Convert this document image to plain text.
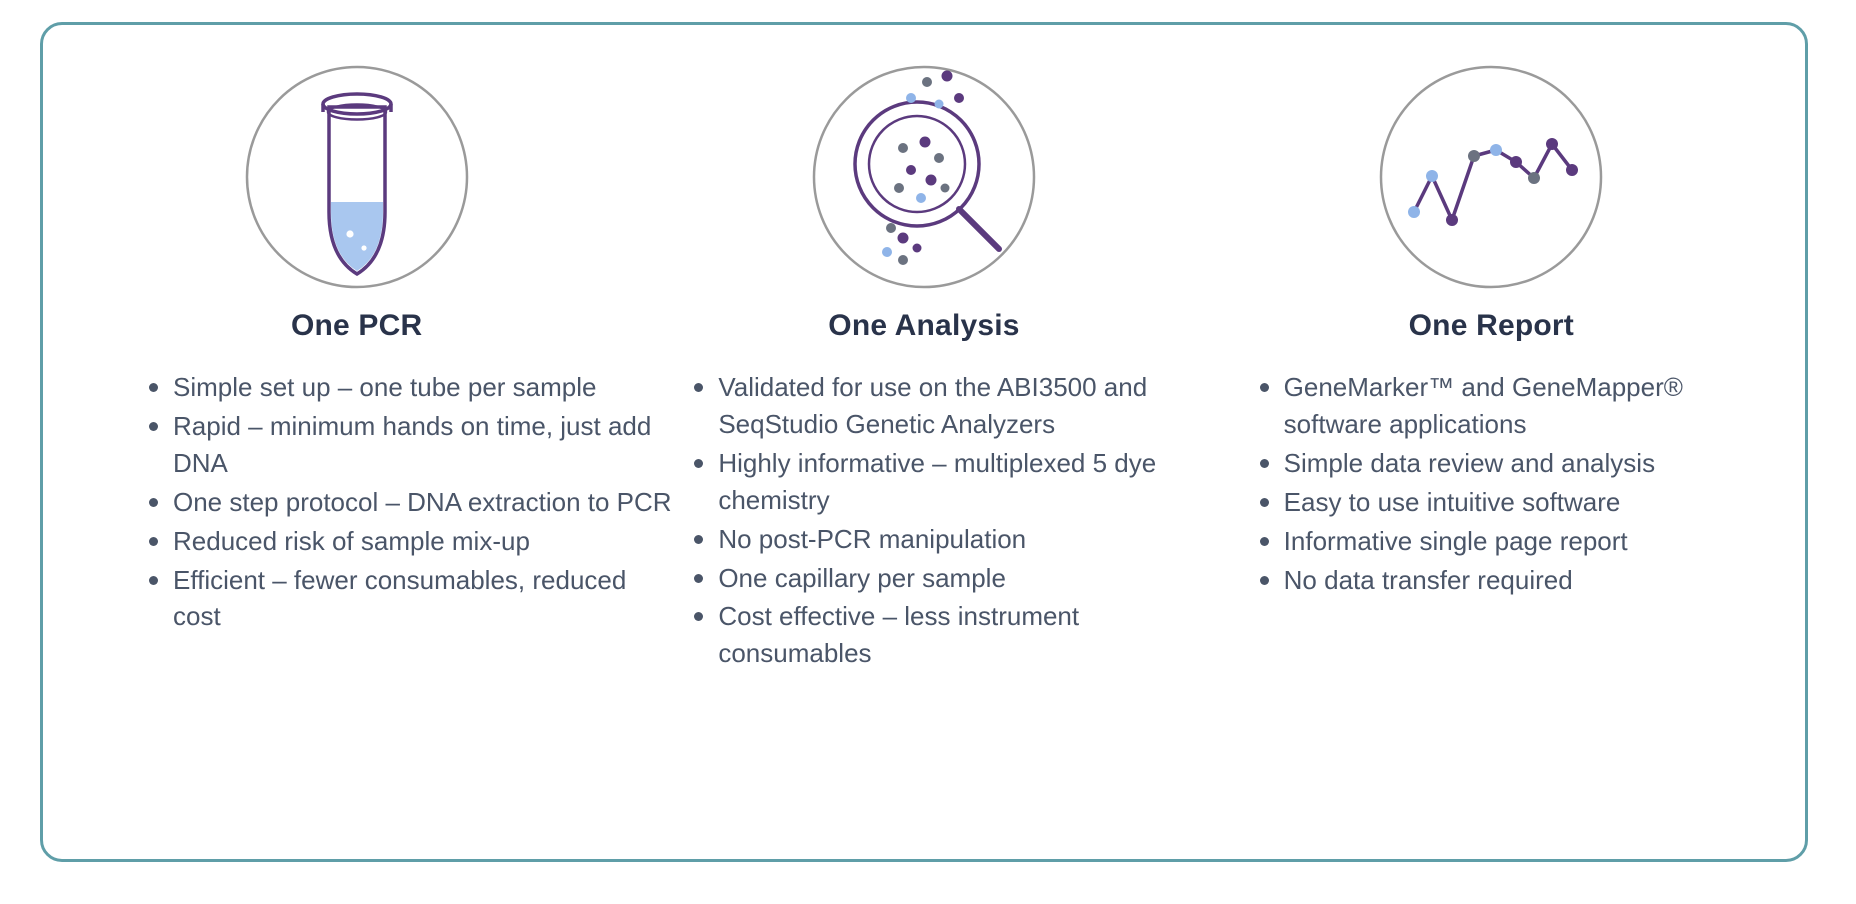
One PCR
Simple set up – one tube per sample
Rapid – minimum hands on time, just add DNA
One step protocol – DNA extraction to PCR
Reduced risk of sample mix-up
Efficient – fewer consumables, reduced cost
One Analysis
Validated for use on the ABI3500 and SeqStudio Genetic Analyzers
Highly informative – multiplexed 5 dye chemistry
No post-PCR manipulation
One capillary per sample
Cost effective – less instrument consumables
One Report
GeneMarker™ and GeneMapper® software applications
Simple data review and analysis
Easy to use intuitive software
Informative single page report
No data transfer required
